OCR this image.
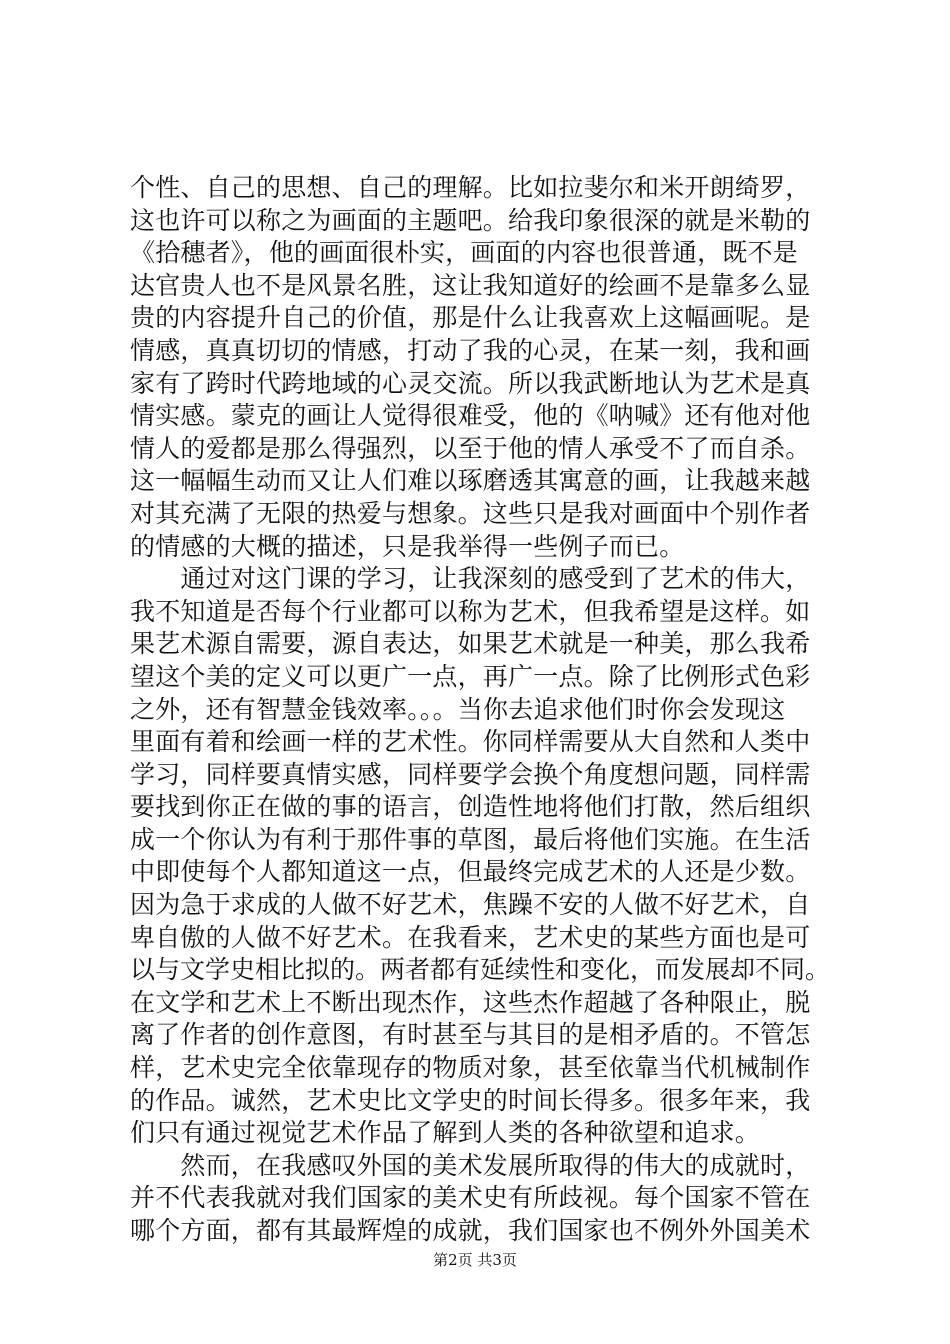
个性、自己的思想、自己的理解。比如拉斐尔和米开朗绮罗，
这也许可以称之为画面的主题吧。给我印象很深的就是米勒的
《拾穗者》，他的画面很朴实，画面的内容也很普通，既不是
达官贵人也不是风景名胜，这让我知道好的绘画不是靠多么显
贵的内容提升自己的价值，那是什么让我喜欢上这幅画呢。是
情感，真真切切的情感，打动了我的心灵，在某一刻，我和画
家有了跨时代跨地域的心灵交流。所以我武断地认为艺术是真
情实感。蒙克的画让人觉得很难受，他的《呐喊》还有他对他
情人的爱都是那么得强烈，以至于他的情人承受不了而自杀。
这一幅幅生动而又让人们难以琢磨透其寓意的画，让我越来越
对其充满了无限的热爱与想象。这些只是我对画面中个别作者
的情感的大概的描述，只是我举得一些例子而已。
　　通过对这门课的学习，让我深刻的感受到了艺术的伟大，
我不知道是否每个行业都可以称为艺术，但我希望是这样。如
果艺术源自需要，源自表达，如果艺术就是一种美，那么我希
望这个美的定义可以更广一点，再广一点。除了比例形式色彩
之外，还有智慧金钱效率。。。当你去追求他们时你会发现这
里面有着和绘画一样的艺术性。你同样需要从大自然和人类中
学习，同样要真情实感，同样要学会换个角度想问题，同样需
要找到你正在做的事的语言，创造性地将他们打散，然后组织
成一个你认为有利于那件事的草图，最后将他们实施。在生活
中即使每个人都知道这一点，但最终完成艺术的人还是少数。
因为急于求成的人做不好艺术，焦躁不安的人做不好艺术，自
卑自傲的人做不好艺术。在我看来，艺术史的某些方面也是可
以与文学史相比拟的。两者都有延续性和变化，而发展却不同。
在文学和艺术上不断出现杰作，这些杰作超越了各种限止，脱
离了作者的创作意图，有时甚至与其目的是相矛盾的。不管怎
样，艺术史完全依靠现存的物质对象，甚至依靠当代机械制作
的作品。诚然，艺术史比文学史的时间长得多。很多年来，我
们只有通过视觉艺术作品了解到人类的各种欲望和追求。
　　然而，在我感叹外国的美术发展所取得的伟大的成就时，
并不代表我就对我们国家的美术史有所歧视。每个国家不管在
哪个方面，都有其最辉煌的成就，我们国家也不例外外国美术
第2页 共3页
